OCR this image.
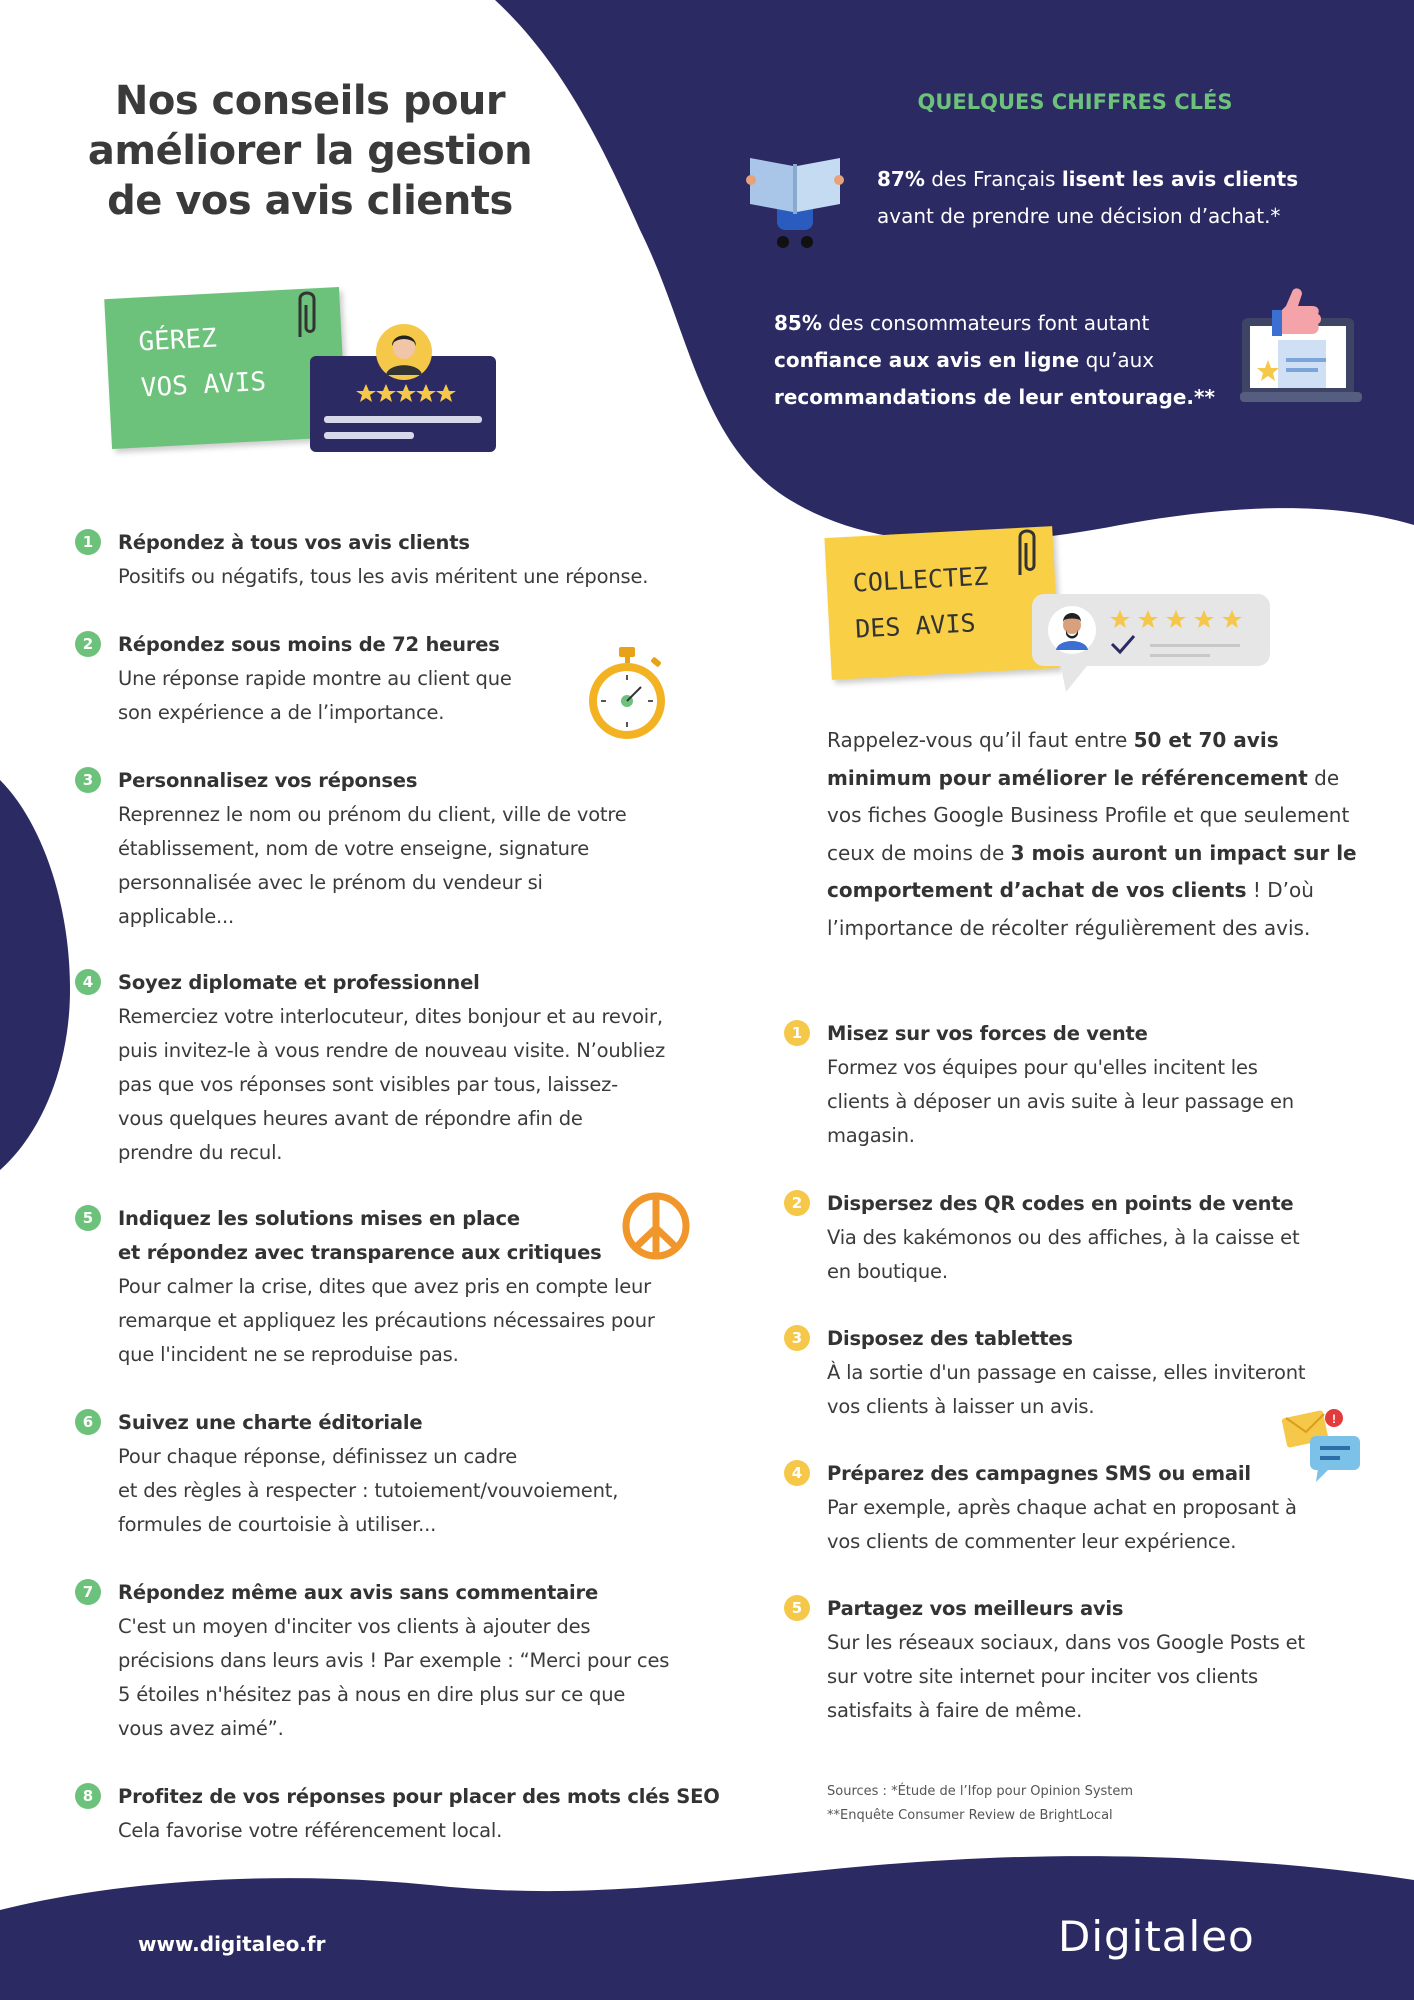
Nos conseils pour
améliorer la gestion
de vos avis clients
QUELQUES CHIFFRES CLÉS
87% des Français lisent les avis clients
avant de prendre une décision d’achat.*
85% des consommateurs font autant
confiance aux avis en ligne qu’aux
recommandations de leur entourage.**
GÉREZ
VOS AVIS
1	Répondez à tous vos avis clients
Positifs ou négatifs, tous les avis méritent une réponse.
2	Répondez sous moins de 72 heures
Une réponse rapide montre au client que
son expérience a de l’importance.
3	Personnalisez vos réponses
Reprennez le nom ou prénom du client, ville de votre
établissement, nom de votre enseigne, signature
personnalisée avec le prénom du vendeur si
applicable...
4	Soyez diplomate et professionnel
Remerciez votre interlocuteur, dites bonjour et au revoir,
puis invitez-le à vous rendre de nouveau visite. N’oubliez
pas que vos réponses sont visibles par tous, laissez-
vous quelques heures avant de répondre afin de
prendre du recul.
5	Indiquez les solutions mises en place
et répondez avec transparence aux critiques
Pour calmer la crise, dites que avez pris en compte leur
remarque et appliquez les précautions nécessaires pour
que l'incident ne se reproduise pas.
6	Suivez une charte éditoriale
Pour chaque réponse, définissez un cadre
et des règles à respecter : tutoiement/vouvoiement,
formules de courtoisie à utiliser...
7	Répondez même aux avis sans commentaire
C'est un moyen d'inciter vos clients à ajouter des
précisions dans leurs avis ! Par exemple : “Merci pour ces
5 étoiles n'hésitez pas à nous en dire plus sur ce que
vous avez aimé”.
8	Profitez de vos réponses pour placer des mots clés SEO
Cela favorise votre référencement local.
COLLECTEZ
DES AVIS
Rappelez-vous qu’il faut entre 50 et 70 avis minimum pour améliorer le référencement de vos fiches Google Business Profile et que seulement ceux de moins de 3 mois auront un impact sur le comportement d’achat de vos clients ! D’où l’importance de récolter régulièrement des avis.
1	Misez sur vos forces de vente
Formez vos équipes pour qu'elles incitent les
clients à déposer un avis suite à leur passage en
magasin.
2	Dispersez des QR codes en points de vente
Via des kakémonos ou des affiches, à la caisse et
en boutique.
3	Disposez des tablettes
À la sortie d'un passage en caisse, elles inviteront
vos clients à laisser un avis.
4	Préparez des campagnes SMS ou email
Par exemple, après chaque achat en proposant à
vos clients de commenter leur expérience.
5	Partagez vos meilleurs avis
Sur les réseaux sociaux, dans vos Google Posts et
sur votre site internet pour inciter vos clients
satisfaits à faire de même.
!
Sources : *Étude de l’Ifop pour Opinion System
**Enquête Consumer Review de BrightLocal
www.digitaleo.fr	Digitaleo
